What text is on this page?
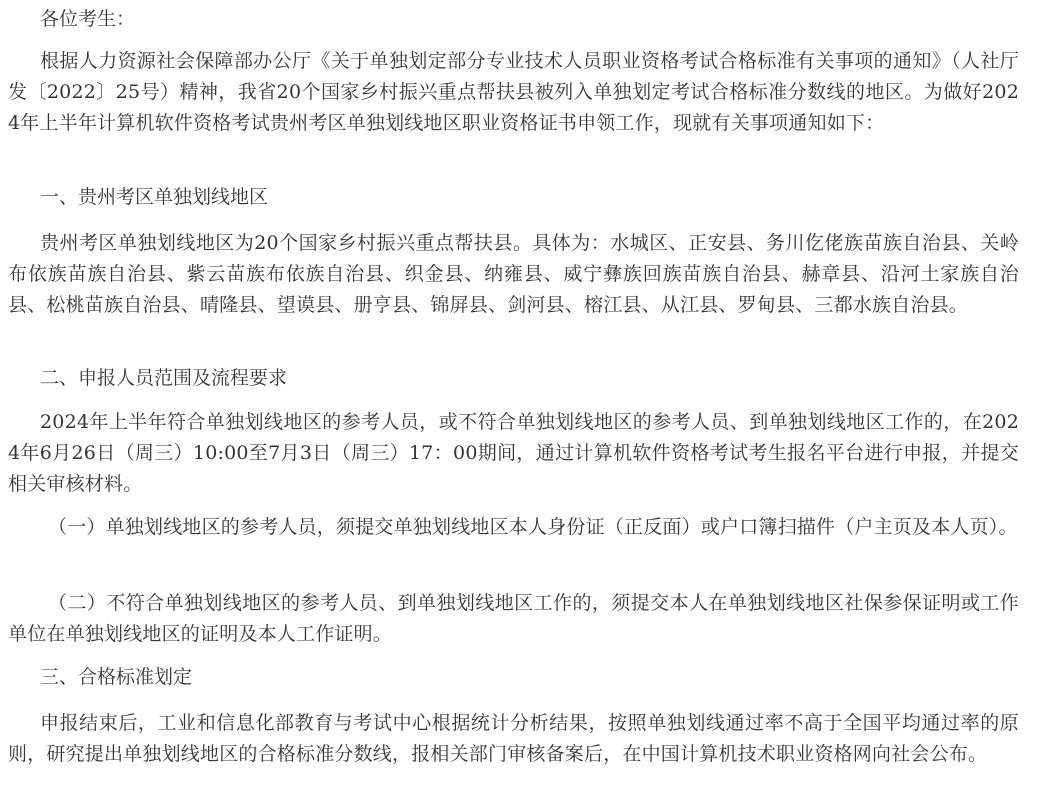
各位考生：

根据人力资源社会保障部办公厅《关于单独划定部分专业技术人员职业资格考试合格标准有关事项的通知》（人社厅发〔2022〕25号）精神，我省20个国家乡村振兴重点帮扶县被列入单独划定考试合格标准分数线的地区。为做好2024年上半年计算机软件资格考试贵州考区单独划线地区职业资格证书申领工作，现就有关事项通知如下：

一、贵州考区单独划线地区

贵州考区单独划线地区为20个国家乡村振兴重点帮扶县。具体为：水城区、正安县、务川仡佬族苗族自治县、关岭布依族苗族自治县、紫云苗族布依族自治县、织金县、纳雍县、威宁彝族回族苗族自治县、赫章县、沿河土家族自治县、松桃苗族自治县、晴隆县、望谟县、册亨县、锦屏县、剑河县、榕江县、从江县、罗甸县、三都水族自治县。

二、申报人员范围及流程要求

2024年上半年符合单独划线地区的参考人员，或不符合单独划线地区的参考人员、到单独划线地区工作的，在2024年6月26日（周三）10:00至7月3日（周三）17：00期间，通过计算机软件资格考试考生报名平台进行申报，并提交相关审核材料。

（一）单独划线地区的参考人员，须提交单独划线地区本人身份证（正反面）或户口簿扫描件（户主页及本人页）。

（二）不符合单独划线地区的参考人员、到单独划线地区工作的，须提交本人在单独划线地区社保参保证明或工作单位在单独划线地区的证明及本人工作证明。

三、合格标准划定

申报结束后，工业和信息化部教育与考试中心根据统计分析结果，按照单独划线通过率不高于全国平均通过率的原则，研究提出单独划线地区的合格标准分数线，报相关部门审核备案后，在中国计算机技术职业资格网向社会公布。
